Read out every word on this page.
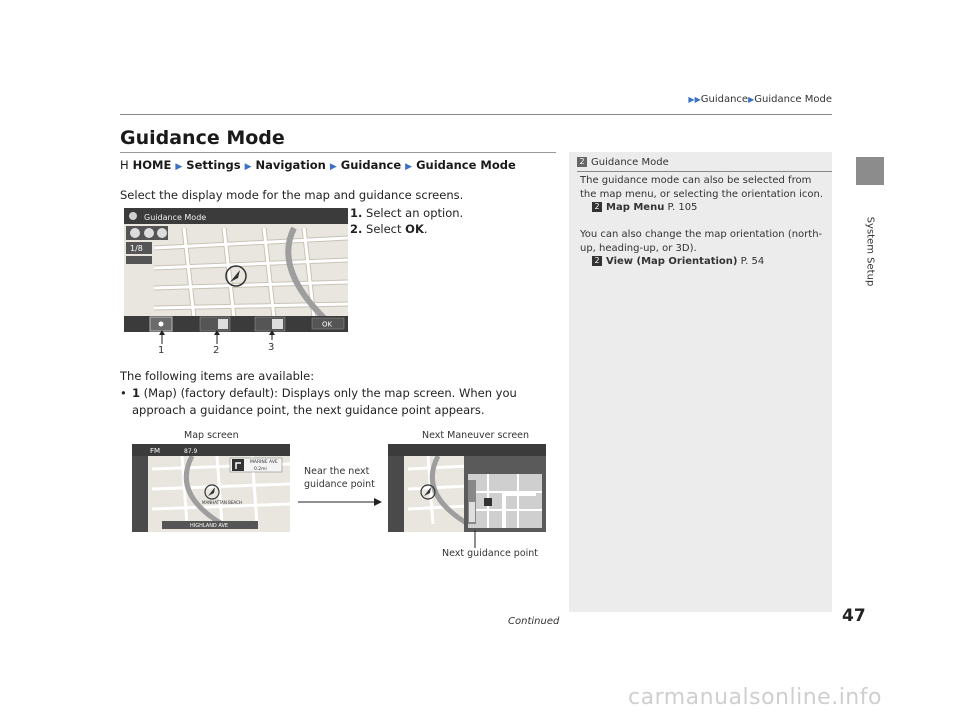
▶▶Guidance▶Guidance Mode
System Setup
Guidance Mode
H HOME ▶ Settings ▶ Navigation ▶ Guidance ▶ Guidance Mode
Select the display mode for the map and guidance screens.
1. Select an option.
2. Select OK.
Guidance Mode
1/8
OK
1	2	3
The following items are available:
• 1 (Map) (factory default): Displays only the map screen. When you approach a guidance point, the next guidance point appears.
Map screen	Next Maneuver screen
FM	87.9
MARINE AVE
0.2mi
MANHATTAN BEACH
HIGHLAND AVE
Near the next
guidance point
Next guidance point
2 Guidance Mode
The guidance mode can also be selected from the map menu, or selecting the orientation icon.
2 Map Menu P. 105
You can also change the map orientation (north-up, heading-up, or 3D).
2 View (Map Orientation) P. 54
Continued	47
carmanualsonline.info
